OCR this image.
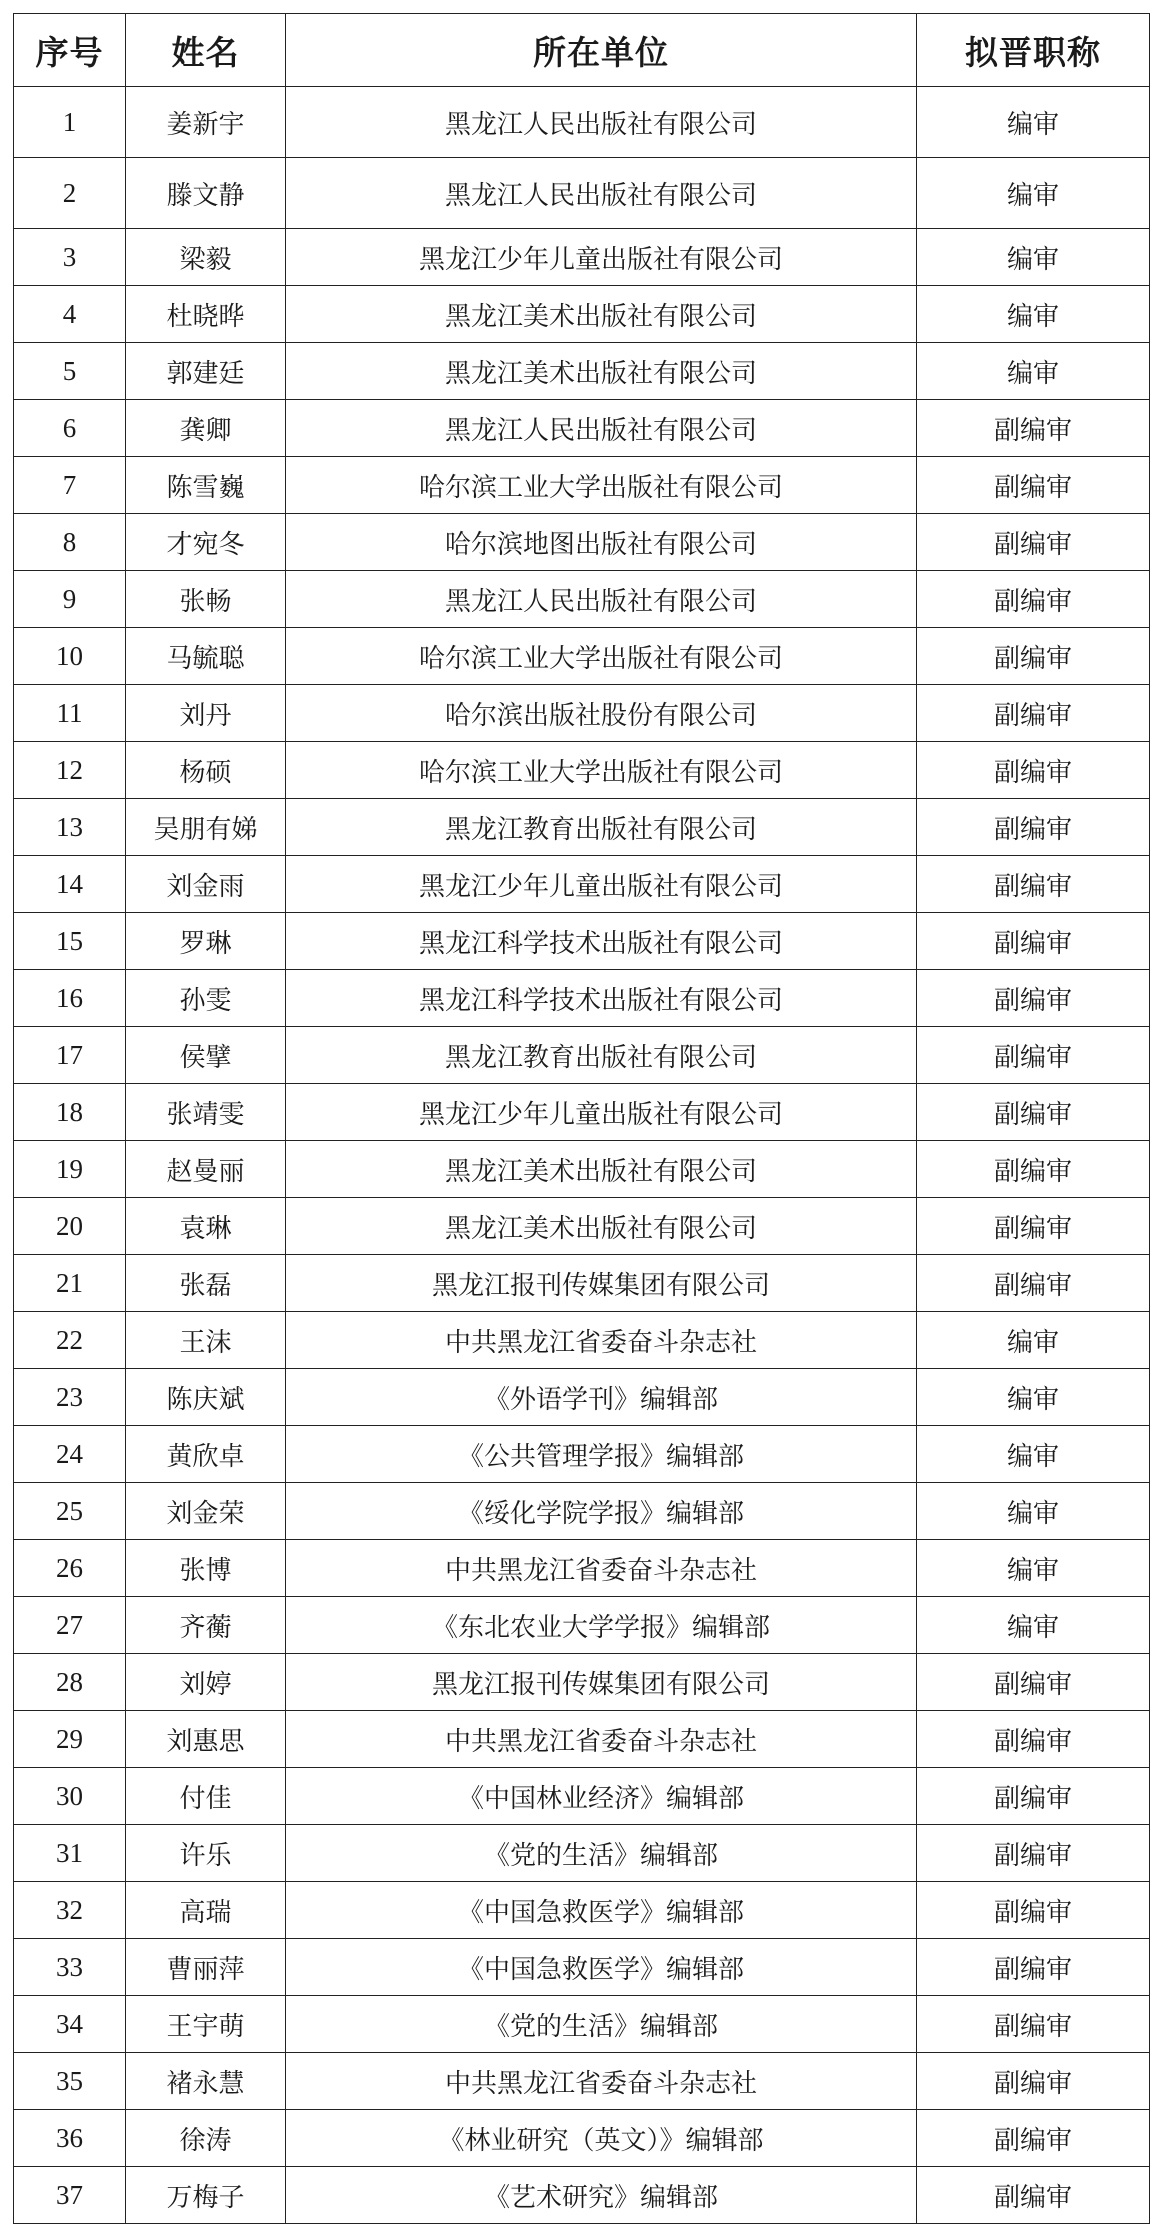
序号	姓名	所在单位	拟晋职称
1	姜新宇	黑龙江人民出版社有限公司	编审
2	滕文静	黑龙江人民出版社有限公司	编审
3	梁毅	黑龙江少年儿童出版社有限公司	编审
4	杜晓晔	黑龙江美术出版社有限公司	编审
5	郭建廷	黑龙江美术出版社有限公司	编审
6	龚卿	黑龙江人民出版社有限公司	副编审
7	陈雪巍	哈尔滨工业大学出版社有限公司	副编审
8	才宛冬	哈尔滨地图出版社有限公司	副编审
9	张畅	黑龙江人民出版社有限公司	副编审
10	马毓聪	哈尔滨工业大学出版社有限公司	副编审
11	刘丹	哈尔滨出版社股份有限公司	副编审
12	杨硕	哈尔滨工业大学出版社有限公司	副编审
13	吴朋有娣	黑龙江教育出版社有限公司	副编审
14	刘金雨	黑龙江少年儿童出版社有限公司	副编审
15	罗琳	黑龙江科学技术出版社有限公司	副编审
16	孙雯	黑龙江科学技术出版社有限公司	副编审
17	侯擘	黑龙江教育出版社有限公司	副编审
18	张靖雯	黑龙江少年儿童出版社有限公司	副编审
19	赵曼丽	黑龙江美术出版社有限公司	副编审
20	袁琳	黑龙江美术出版社有限公司	副编审
21	张磊	黑龙江报刊传媒集团有限公司	副编审
22	王沫	中共黑龙江省委奋斗杂志社	编审
23	陈庆斌	《外语学刊》编辑部	编审
24	黄欣卓	《公共管理学报》编辑部	编审
25	刘金荣	《绥化学院学报》编辑部	编审
26	张博	中共黑龙江省委奋斗杂志社	编审
27	齐蘅	《东北农业大学学报》编辑部	编审
28	刘婷	黑龙江报刊传媒集团有限公司	副编审
29	刘惠思	中共黑龙江省委奋斗杂志社	副编审
30	付佳	《中国林业经济》编辑部	副编审
31	许乐	《党的生活》编辑部	副编审
32	高瑞	《中国急救医学》编辑部	副编审
33	曹丽萍	《中国急救医学》编辑部	副编审
34	王宇萌	《党的生活》编辑部	副编审
35	褚永慧	中共黑龙江省委奋斗杂志社	副编审
36	徐涛	《林业研究（英文）》编辑部	副编审
37	万梅子	《艺术研究》编辑部	副编审
